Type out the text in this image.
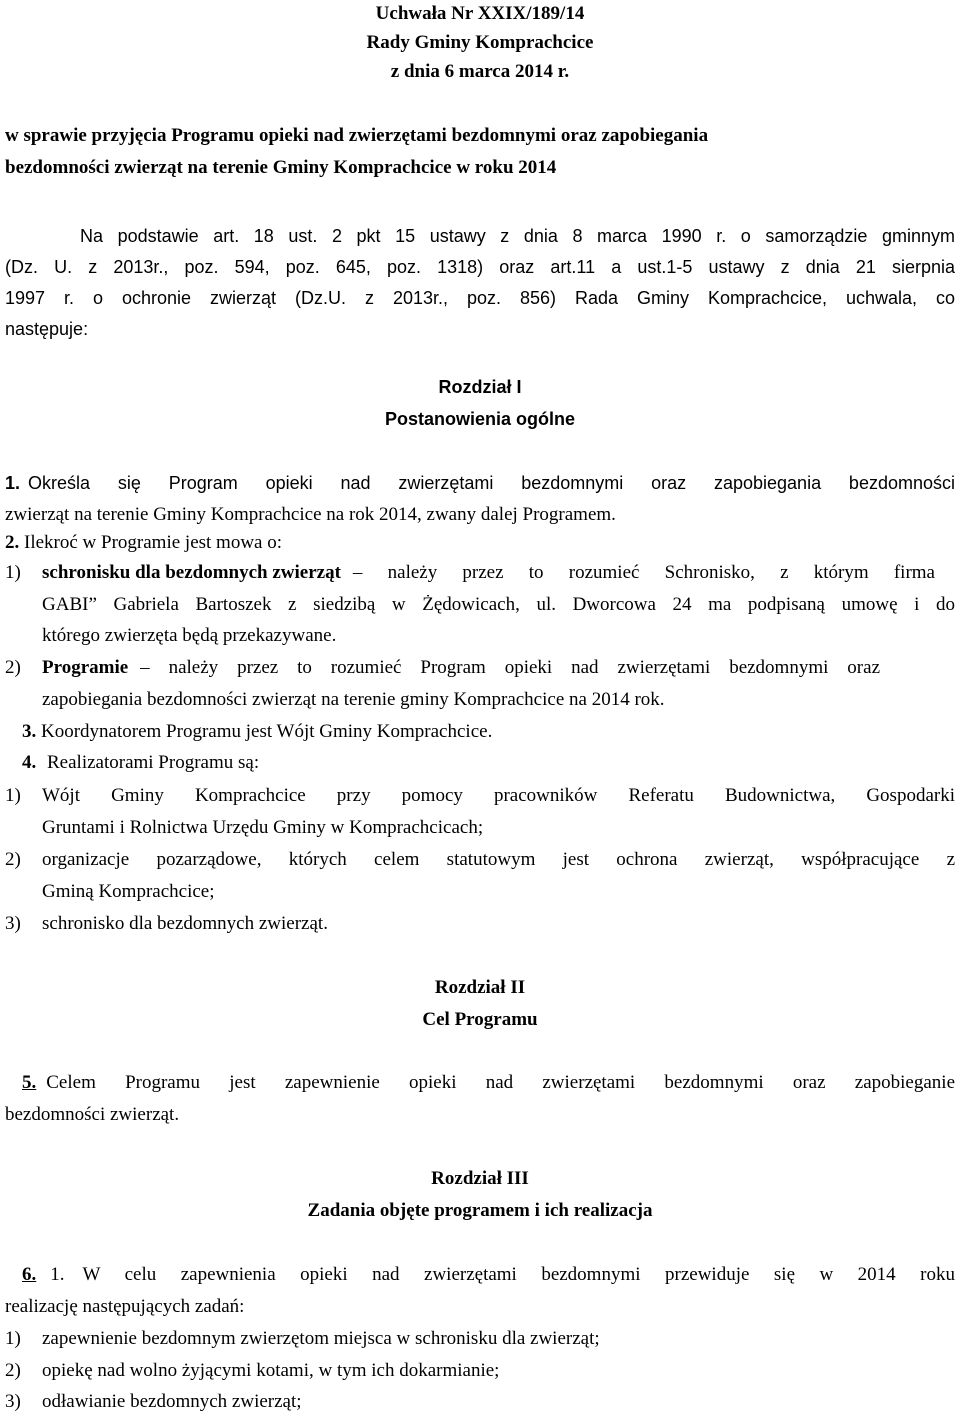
Uchwała Nr XXIX/189/14
Rady Gminy Komprachcice
z dnia 6 marca 2014 r.
w sprawie przyjęcia Programu opieki nad zwierzętami bezdomnymi oraz zapobiegania
bezdomności zwierząt na terenie Gminy Komprachcice w roku 2014
Na podstawie art. 18 ust. 2 pkt 15 ustawy z dnia 8 marca 1990 r. o samorządzie gminnym
(Dz. U. z 2013r., poz. 594, poz. 645, poz. 1318) oraz art.11 a ust.1-5 ustawy z dnia 21 sierpnia
1997 r. o ochronie zwierząt (Dz.U. z 2013r., poz. 856) Rada Gminy Komprachcice, uchwala, co
następuje:
Rozdział I
Postanowienia ogólne
1. Określa się Program opieki nad zwierzętami bezdomnymi oraz zapobiegania bezdomności
zwierząt na terenie Gminy Komprachcice na rok 2014, zwany dalej Programem.
2. Ilekroć w Programie jest mowa o:
1) schronisku dla bezdomnych zwierząt – należy przez to rozumieć Schronisko, z którym firma
GABI” Gabriela Bartoszek z siedzibą w Żędowicach, ul. Dworcowa 24 ma podpisaną umowę i do
którego zwierzęta będą przekazywane.
2) Programie – należy przez to rozumieć Program opieki nad zwierzętami bezdomnymi oraz
zapobiegania bezdomności zwierząt na terenie gminy Komprachcice na 2014 rok.
3. Koordynatorem Programu jest Wójt Gminy Komprachcice.
4. Realizatorami Programu są:
1) Wójt Gminy Komprachcice przy pomocy pracowników Referatu Budownictwa, Gospodarki
Gruntami i Rolnictwa Urzędu Gminy w Komprachcicach;
2) organizacje pozarządowe, których celem statutowym jest ochrona zwierząt, współpracujące z
Gminą Komprachcice;
3) schronisko dla bezdomnych zwierząt.
Rozdział II
Cel Programu
5. Celem Programu jest zapewnienie opieki nad zwierzętami bezdomnymi oraz zapobieganie
bezdomności zwierząt.
Rozdział III
Zadania objęte programem i ich realizacja
6. 1. W celu zapewnienia opieki nad zwierzętami bezdomnymi przewiduje się w 2014 roku
realizację następujących zadań:
1) zapewnienie bezdomnym zwierzętom miejsca w schronisku dla zwierząt;
2) opiekę nad wolno żyjącymi kotami, w tym ich dokarmianie;
3) odławianie bezdomnych zwierząt;
